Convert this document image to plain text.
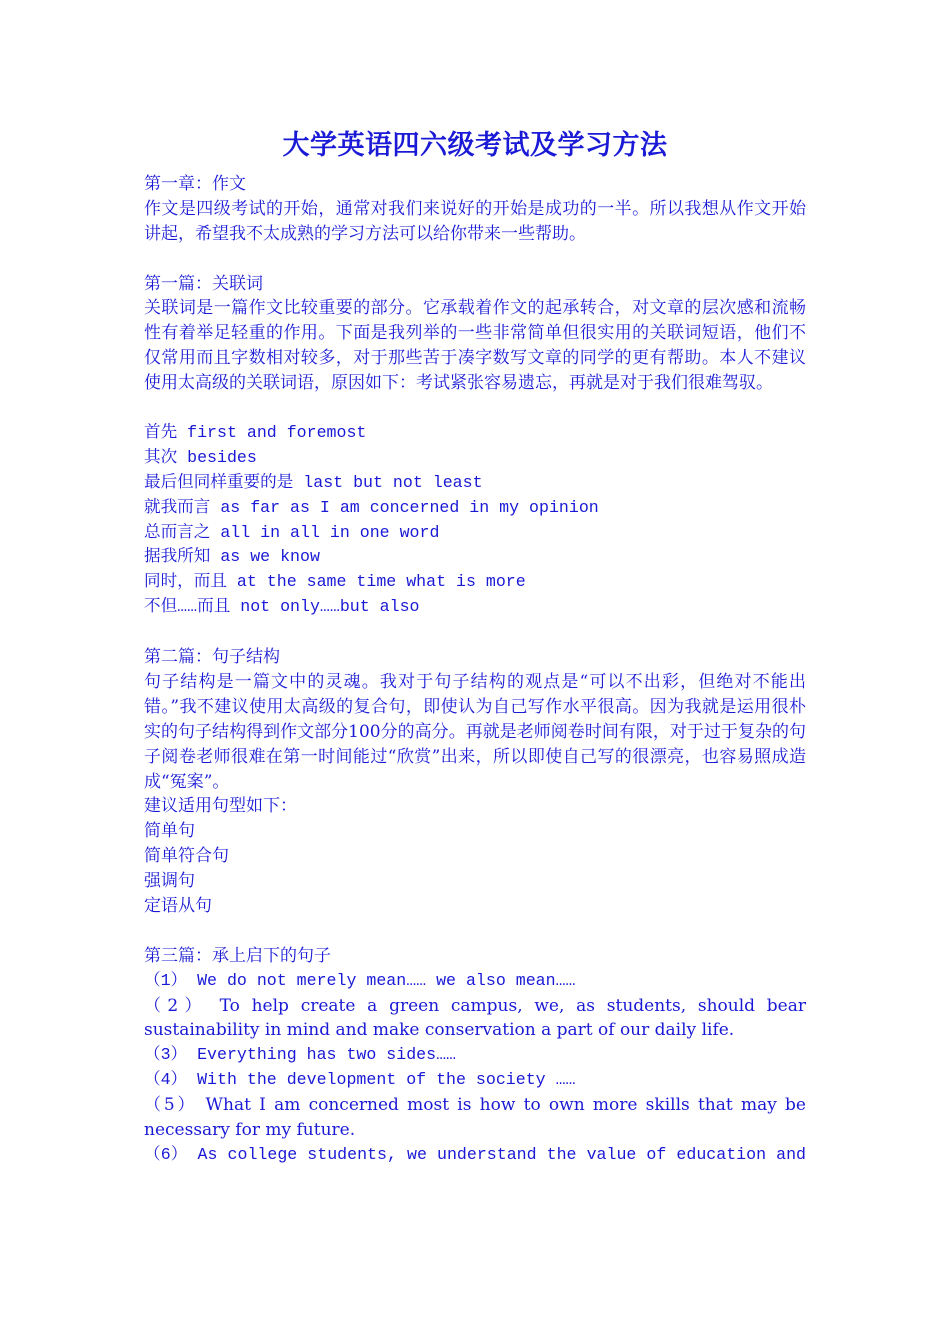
大学英语四六级考试及学习方法
第一章：作文
作文是四级考试的开始，通常对我们来说好的开始是成功的一半。所以我想从作文开始讲起，希望我不太成熟的学习方法可以给你带来一些帮助。
第一篇：关联词
关联词是一篇作文比较重要的部分。它承载着作文的起承转合，对文章的层次感和流畅性有着举足轻重的作用。下面是我列举的一些非常简单但很实用的关联词短语，他们不仅常用而且字数相对较多，对于那些苦于凑字数写文章的同学的更有帮助。本人不建议使用太高级的关联词语，原因如下：考试紧张容易遗忘，再就是对于我们很难驾驭。
首先 first and foremost
其次 besides
最后但同样重要的是 last but not least
就我而言 as far as I am concerned in my opinion
总而言之 all in all in one word
据我所知 as we know
同时，而且 at the same time what is more
不但……而且 not only……but also
第二篇：句子结构
句子结构是一篇文中的灵魂。我对于句子结构的观点是“可以不出彩，但绝对不能出错。”我不建议使用太高级的复合句，即使认为自己写作水平很高。因为我就是运用很朴实的句子结构得到作文部分100分的高分。再就是老师阅卷时间有限，对于过于复杂的句子阅卷老师很难在第一时间能过“欣赏”出来，所以即使自己写的很漂亮，也容易照成造成“冤案”。
建议适用句型如下：
简单句
简单符合句
强调句
定语从句
第三篇：承上启下的句子
（1） We do not merely mean…… we also mean……
（2） To help create a green campus, we, as students, should bear sustainability in mind and make conservation a part of our daily life.
（3） Everything has two sides……
（4） With the development of the society ……
（5） What I am concerned most is how to own more skills that may be necessary for my future.
（6） As college students, we understand the value of education and
